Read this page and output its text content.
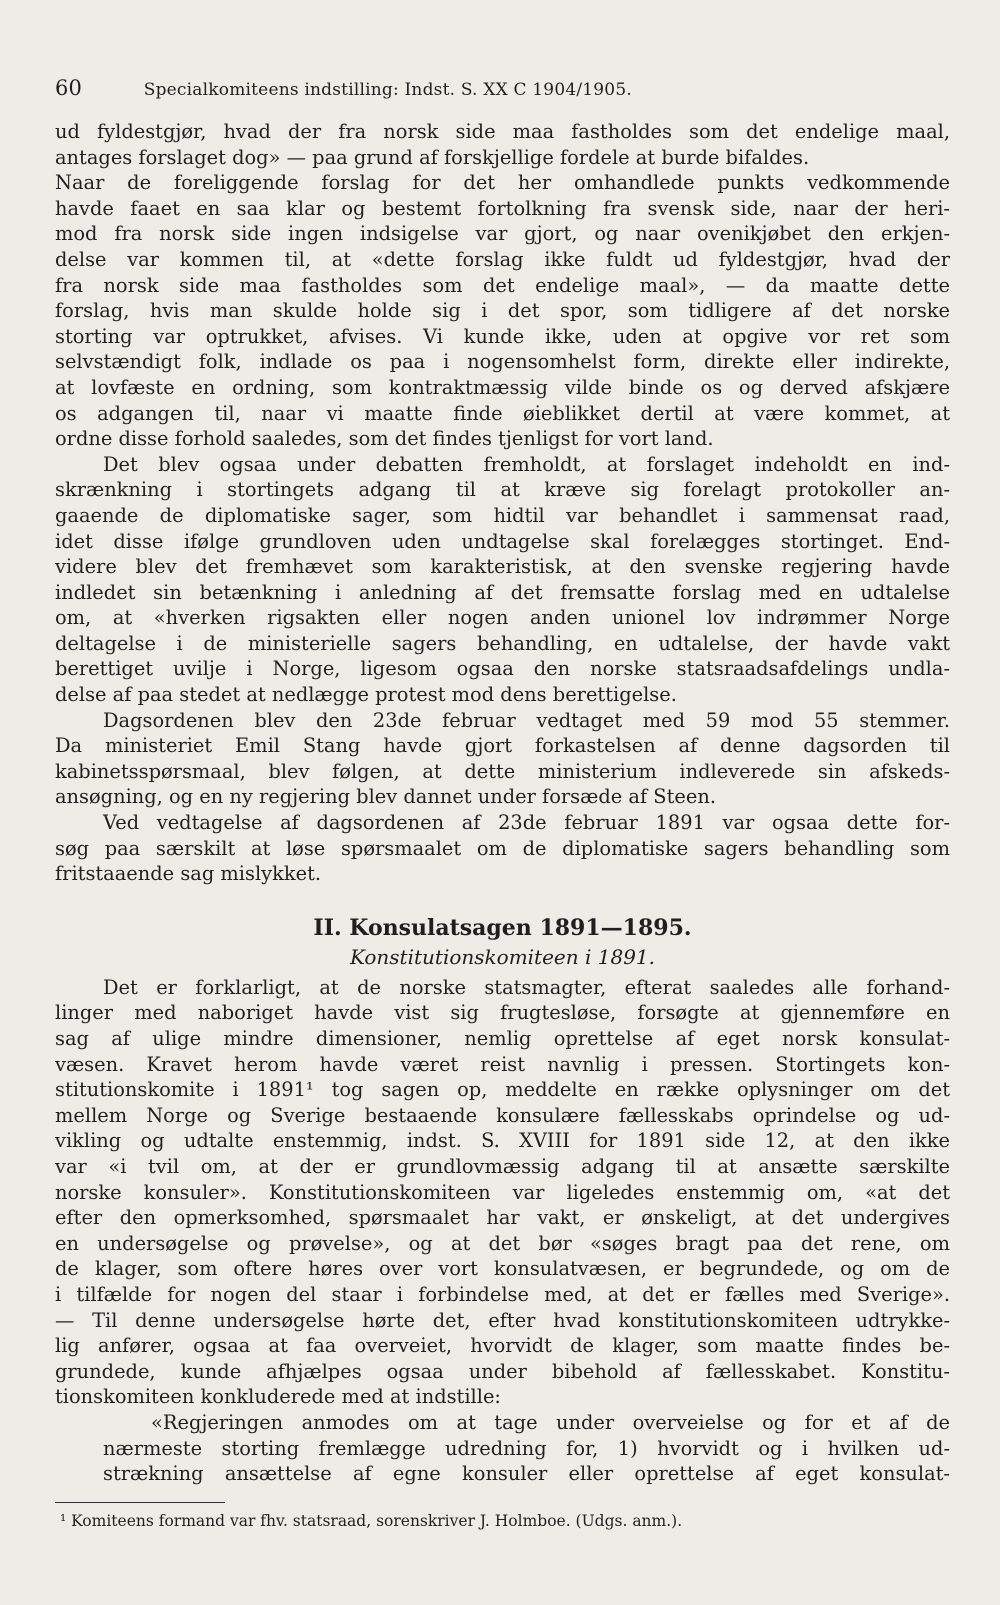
60	Specialkomiteens indstilling: Indst. S. XX C 1904/1905.
ud fyldestgjør, hvad der fra norsk side maa fastholdes som det endelige maal,
antages forslaget dog» — paa grund af forskjellige fordele at burde bifaldes.
Naar de foreliggende forslag for det her omhandlede punkts vedkommende
havde faaet en saa klar og bestemt fortolkning fra svensk side, naar der heri-
mod fra norsk side ingen indsigelse var gjort, og naar ovenikjøbet den erkjen-
delse var kommen til, at «dette forslag ikke fuldt ud fyldestgjør, hvad der
fra norsk side maa fastholdes som det endelige maal», — da maatte dette
forslag, hvis man skulde holde sig i det spor, som tidligere af det norske
storting var optrukket, afvises. Vi kunde ikke, uden at opgive vor ret som
selvstændigt folk, indlade os paa i nogensomhelst form, direkte eller indirekte,
at lovfæste en ordning, som kontraktmæssig vilde binde os og derved afskjære
os adgangen til, naar vi maatte finde øieblikket dertil at være kommet, at
ordne disse forhold saaledes, som det findes tjenligst for vort land.
Det blev ogsaa under debatten fremholdt, at forslaget indeholdt en ind-
skrænkning i stortingets adgang til at kræve sig forelagt protokoller an-
gaaende de diplomatiske sager, som hidtil var behandlet i sammensat raad,
idet disse ifølge grundloven uden undtagelse skal forelægges stortinget. End-
videre blev det fremhævet som karakteristisk, at den svenske regjering havde
indledet sin betænkning i anledning af det fremsatte forslag med en udtalelse
om, at «hverken rigsakten eller nogen anden unionel lov indrømmer Norge
deltagelse i de ministerielle sagers behandling, en udtalelse, der havde vakt
berettiget uvilje i Norge, ligesom ogsaa den norske statsraadsafdelings undla-
delse af paa stedet at nedlægge protest mod dens berettigelse.
Dagsordenen blev den 23de februar vedtaget med 59 mod 55 stemmer.
Da ministeriet Emil Stang havde gjort forkastelsen af denne dagsorden til
kabinetsspørsmaal, blev følgen, at dette ministerium indleverede sin afskeds-
ansøgning, og en ny regjering blev dannet under forsæde af Steen.
Ved vedtagelse af dagsordenen af 23de februar 1891 var ogsaa dette for-
søg paa særskilt at løse spørsmaalet om de diplomatiske sagers behandling som
fritstaaende sag mislykket.
II. Konsulatsagen 1891—1895.
Konstitutionskomiteen i 1891.
Det er forklarligt, at de norske statsmagter, efterat saaledes alle forhand-
linger med naboriget havde vist sig frugtesløse, forsøgte at gjennemføre en
sag af ulige mindre dimensioner, nemlig oprettelse af eget norsk konsulat-
væsen. Kravet herom havde været reist navnlig i pressen. Stortingets kon-
stitutionskomite i 1891¹ tog sagen op, meddelte en række oplysninger om det
mellem Norge og Sverige bestaaende konsulære fællesskabs oprindelse og ud-
vikling og udtalte enstemmig, indst. S. XVIII for 1891 side 12, at den ikke
var «i tvil om, at der er grundlovmæssig adgang til at ansætte særskilte
norske konsuler». Konstitutionskomiteen var ligeledes enstemmig om, «at det
efter den opmerksomhed, spørsmaalet har vakt, er ønskeligt, at det undergives
en undersøgelse og prøvelse», og at det bør «søges bragt paa det rene, om
de klager, som oftere høres over vort konsulatvæsen, er begrundede, og om de
i tilfælde for nogen del staar i forbindelse med, at det er fælles med Sverige».
— Til denne undersøgelse hørte det, efter hvad konstitutionskomiteen udtrykke-
lig anfører, ogsaa at faa overveiet, hvorvidt de klager, som maatte findes be-
grundede, kunde afhjælpes ogsaa under bibehold af fællesskabet. Konstitu-
tionskomiteen konkluderede med at indstille:
«Regjeringen anmodes om at tage under overveielse og for et af de
nærmeste storting fremlægge udredning for, 1) hvorvidt og i hvilken ud-
strækning ansættelse af egne konsuler eller oprettelse af eget konsulat-
¹ Komiteens formand var fhv. statsraad, sorenskriver J. Holmboe. (Udgs. anm.).
